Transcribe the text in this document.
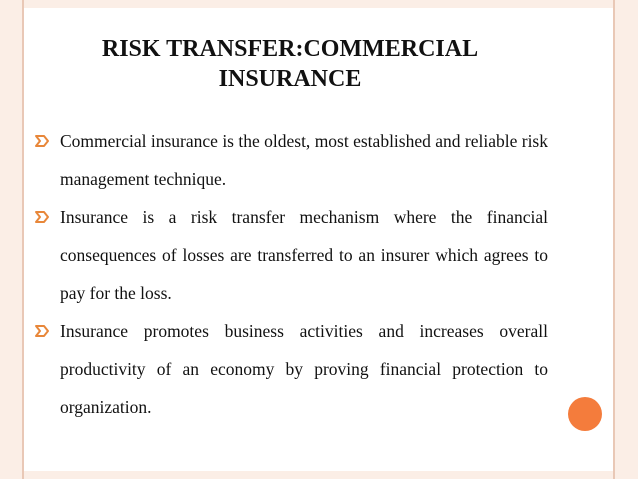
RISK TRANSFER:COMMERCIAL INSURANCE
Commercial insurance is the oldest, most established and reliable risk management technique.
Insurance is a risk transfer mechanism where the financial consequences of losses are transferred to an insurer which agrees to pay for the loss.
Insurance promotes business activities and increases overall productivity of an economy by proving financial protection to organization.
